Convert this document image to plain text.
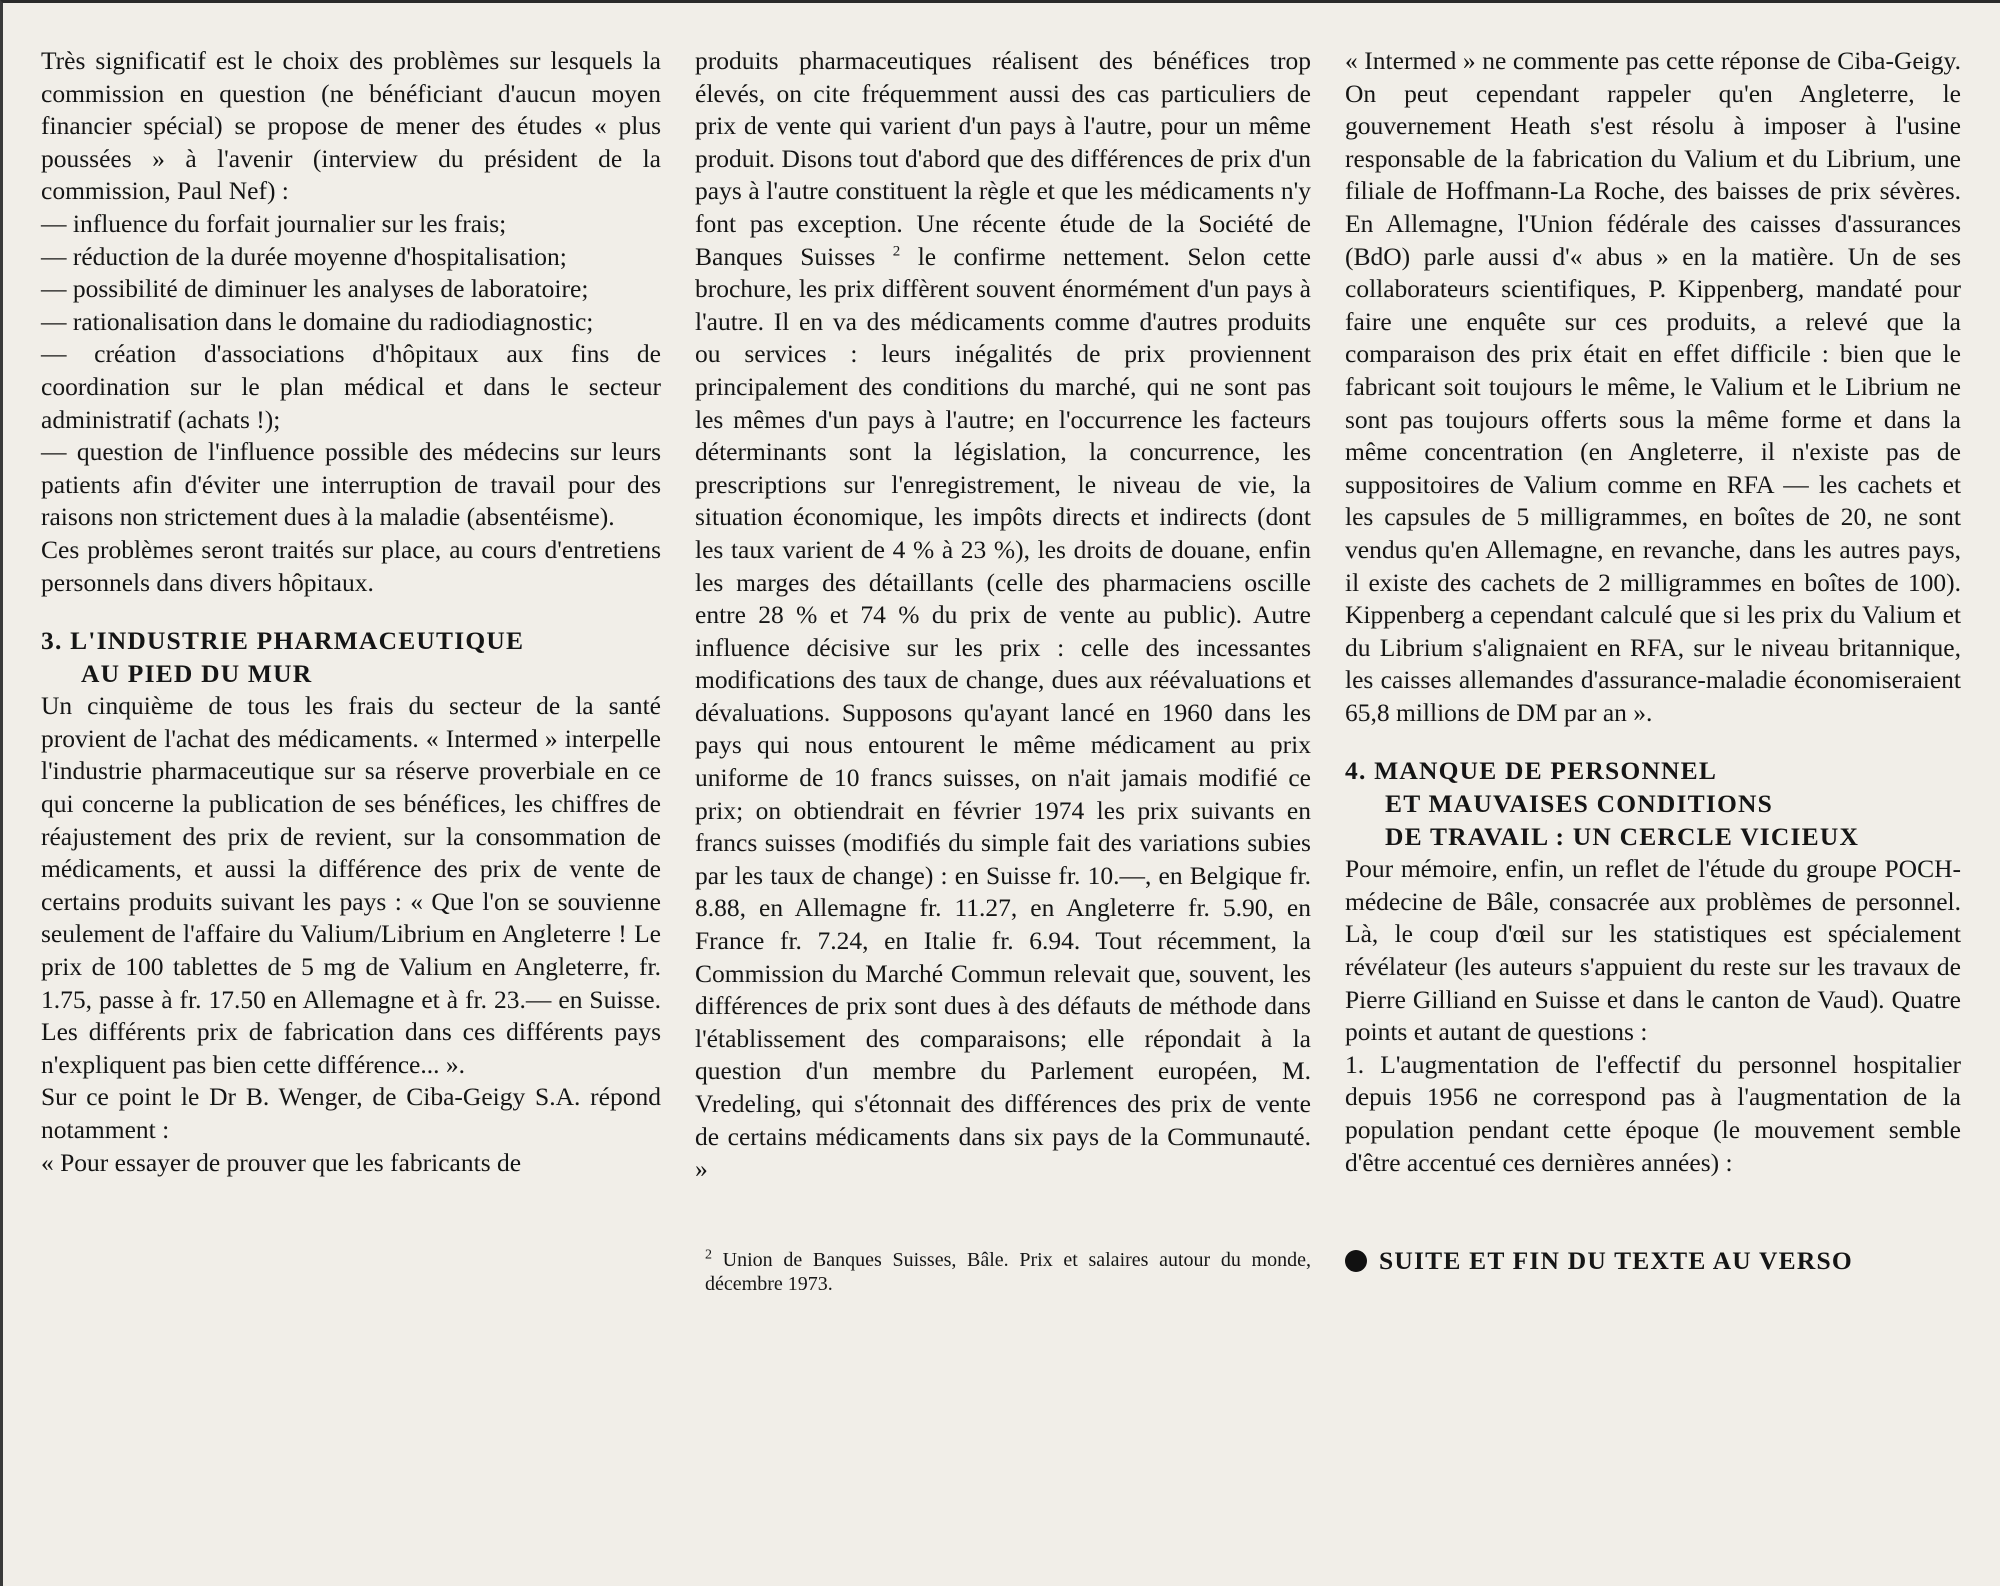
Très significatif est le choix des problèmes sur lesquels la commission en question (ne bénéficiant d'aucun moyen financier spécial) se propose de mener des études « plus poussées » à l'avenir (interview du président de la commission, Paul Nef) :

— influence du forfait journalier sur les frais;

— réduction de la durée moyenne d'hospitalisation;

— possibilité de diminuer les analyses de laboratoire;

— rationalisation dans le domaine du radiodiagnostic;

— création d'associations d'hôpitaux aux fins de coordination sur le plan médical et dans le secteur administratif (achats !);

— question de l'influence possible des médecins sur leurs patients afin d'éviter une interruption de travail pour des raisons non strictement dues à la maladie (absentéisme).

Ces problèmes seront traités sur place, au cours d'entretiens personnels dans divers hôpitaux.

3. L'INDUSTRIE PHARMACEUTIQUE
AU PIED DU MUR

Un cinquième de tous les frais du secteur de la santé provient de l'achat des médicaments. « Intermed » interpelle l'industrie pharmaceutique sur sa réserve proverbiale en ce qui concerne la publication de ses bénéfices, les chiffres de réajustement des prix de revient, sur la consommation de médicaments, et aussi la différence des prix de vente de certains produits suivant les pays : « Que l'on se souvienne seulement de l'affaire du Valium/Librium en Angleterre ! Le prix de 100 tablettes de 5 mg de Valium en Angleterre, fr. 1.75, passe à fr. 17.50 en Allemagne et à fr. 23.— en Suisse. Les différents prix de fabrication dans ces différents pays n'expliquent pas bien cette différence... ».

Sur ce point le Dr B. Wenger, de Ciba-Geigy S.A. répond notamment :

« Pour essayer de prouver que les fabricants de

produits pharmaceutiques réalisent des bénéfices trop élevés, on cite fréquemment aussi des cas particuliers de prix de vente qui varient d'un pays à l'autre, pour un même produit. Disons tout d'abord que des différences de prix d'un pays à l'autre constituent la règle et que les médicaments n'y font pas exception. Une récente étude de la Société de Banques Suisses $^2$ le confirme nettement. Selon cette brochure, les prix diffèrent souvent énormément d'un pays à l'autre. Il en va des médicaments comme d'autres produits ou services : leurs inégalités de prix proviennent principalement des conditions du marché, qui ne sont pas les mêmes d'un pays à l'autre; en l'occurrence les facteurs déterminants sont la législation, la concurrence, les prescriptions sur l'enregistrement, le niveau de vie, la situation économique, les impôts directs et indirects (dont les taux varient de 4 % à 23 %), les droits de douane, enfin les marges des détaillants (celle des pharmaciens oscille entre 28 % et 74 % du prix de vente au public). Autre influence décisive sur les prix : celle des incessantes modifications des taux de change, dues aux réévaluations et dévaluations. Supposons qu'ayant lancé en 1960 dans les pays qui nous entourent le même médicament au prix uniforme de 10 francs suisses, on n'ait jamais modifié ce prix; on obtiendrait en février 1974 les prix suivants en francs suisses (modifiés du simple fait des variations subies par les taux de change) : en Suisse fr. 10.—, en Belgique fr. 8.88, en Allemagne fr. 11.27, en Angleterre fr. 5.90, en France fr. 7.24, en Italie fr. 6.94. Tout récemment, la Commission du Marché Commun relevait que, souvent, les différences de prix sont dues à des défauts de méthode dans l'établissement des comparaisons; elle répondait à la question d'un membre du Parlement européen, M. Vredeling, qui s'étonnait des différences des prix de vente de certains médicaments dans six pays de la Communauté. »

$^2$ Union de Banques Suisses, Bâle. Prix et salaires autour du monde, décembre 1973.

« Intermed » ne commente pas cette réponse de Ciba-Geigy. On peut cependant rappeler qu'en Angleterre, le gouvernement Heath s'est résolu à imposer à l'usine responsable de la fabrication du Valium et du Librium, une filiale de Hoffmann-La Roche, des baisses de prix sévères. En Allemagne, l'Union fédérale des caisses d'assurances (BdO) parle aussi d'« abus » en la matière. Un de ses collaborateurs scientifiques, P. Kippenberg, mandaté pour faire une enquête sur ces produits, a relevé que la comparaison des prix était en effet difficile : bien que le fabricant soit toujours le même, le Valium et le Librium ne sont pas toujours offerts sous la même forme et dans la même concentration (en Angleterre, il n'existe pas de suppositoires de Valium comme en RFA — les cachets et les capsules de 5 milligrammes, en boîtes de 20, ne sont vendus qu'en Allemagne, en revanche, dans les autres pays, il existe des cachets de 2 milligrammes en boîtes de 100). Kippenberg a cependant calculé que si les prix du Valium et du Librium s'alignaient en RFA, sur le niveau britannique, les caisses allemandes d'assurance-maladie économiseraient 65,8 millions de DM par an ».

4. MANQUE DE PERSONNEL
ET MAUVAISES CONDITIONS
DE TRAVAIL : UN CERCLE VICIEUX

Pour mémoire, enfin, un reflet de l'étude du groupe POCH-médecine de Bâle, consacrée aux problèmes de personnel. Là, le coup d'œil sur les statistiques est spécialement révélateur (les auteurs s'appuient du reste sur les travaux de Pierre Gilliand en Suisse et dans le canton de Vaud). Quatre points et autant de questions :

1. L'augmentation de l'effectif du personnel hospitalier depuis 1956 ne correspond pas à l'augmentation de la population pendant cette époque (le mouvement semble d'être accentué ces dernières années) :

SUITE ET FIN DU TEXTE AU VERSO
